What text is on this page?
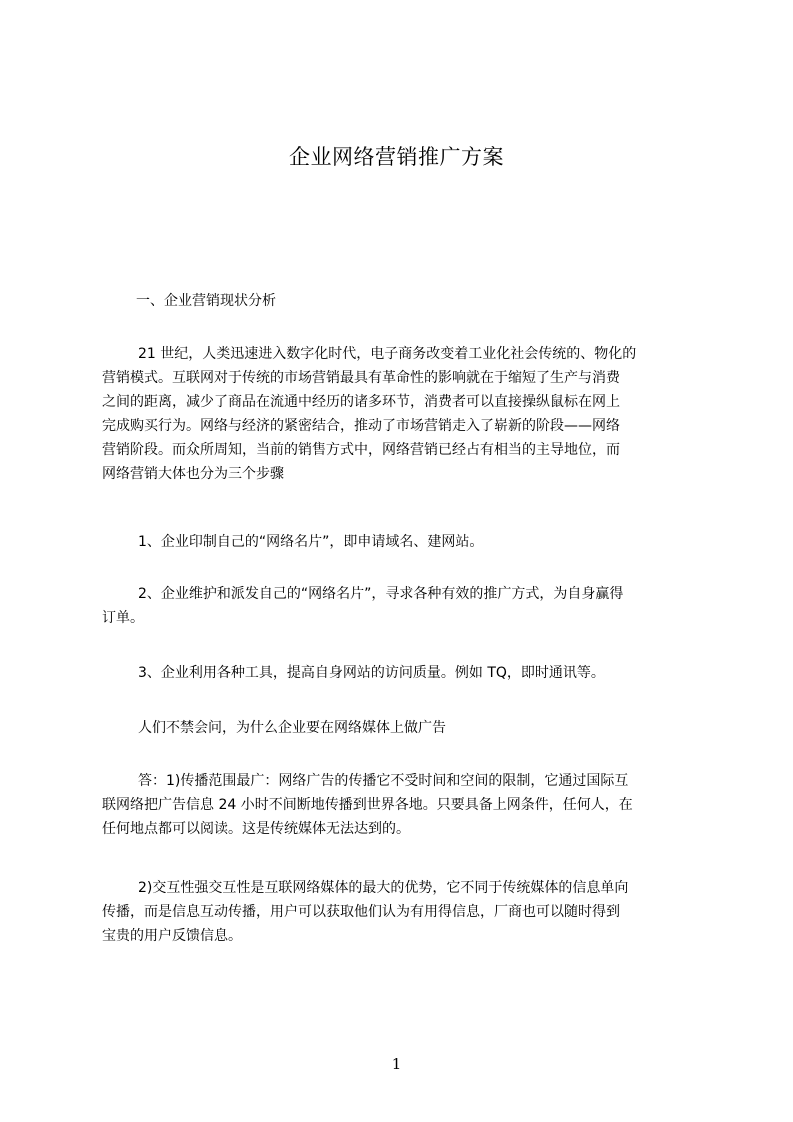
企业网络营销推广方案
一、企业营销现状分析
21 世纪，人类迅速进入数字化时代，电子商务改变着工业化社会传统的、物化的
营销模式。互联网对于传统的市场营销最具有革命性的影响就在于缩短了生产与消费
之间的距离，减少了商品在流通中经历的诸多环节，消费者可以直接操纵鼠标在网上
完成购买行为。网络与经济的紧密结合，推动了市场营销走入了崭新的阶段——网络
营销阶段。而众所周知，当前的销售方式中，网络营销已经占有相当的主导地位，而
网络营销大体也分为三个步骤
1、企业印制自己的“网络名片”，即申请域名、建网站。
2、企业维护和派发自己的“网络名片”，寻求各种有效的推广方式，为自身赢得
订单。
3、企业利用各种工具，提高自身网站的访问质量。例如 TQ，即时通讯等。
人们不禁会问，为什么企业要在网络媒体上做广告
答：1)传播范围最广：网络广告的传播它不受时间和空间的限制，它通过国际互
联网络把广告信息 24 小时不间断地传播到世界各地。只要具备上网条件，任何人，在
任何地点都可以阅读。这是传统媒体无法达到的。
2)交互性强交互性是互联网络媒体的最大的优势，它不同于传统媒体的信息单向
传播，而是信息互动传播，用户可以获取他们认为有用得信息，厂商也可以随时得到
宝贵的用户反馈信息。
1
